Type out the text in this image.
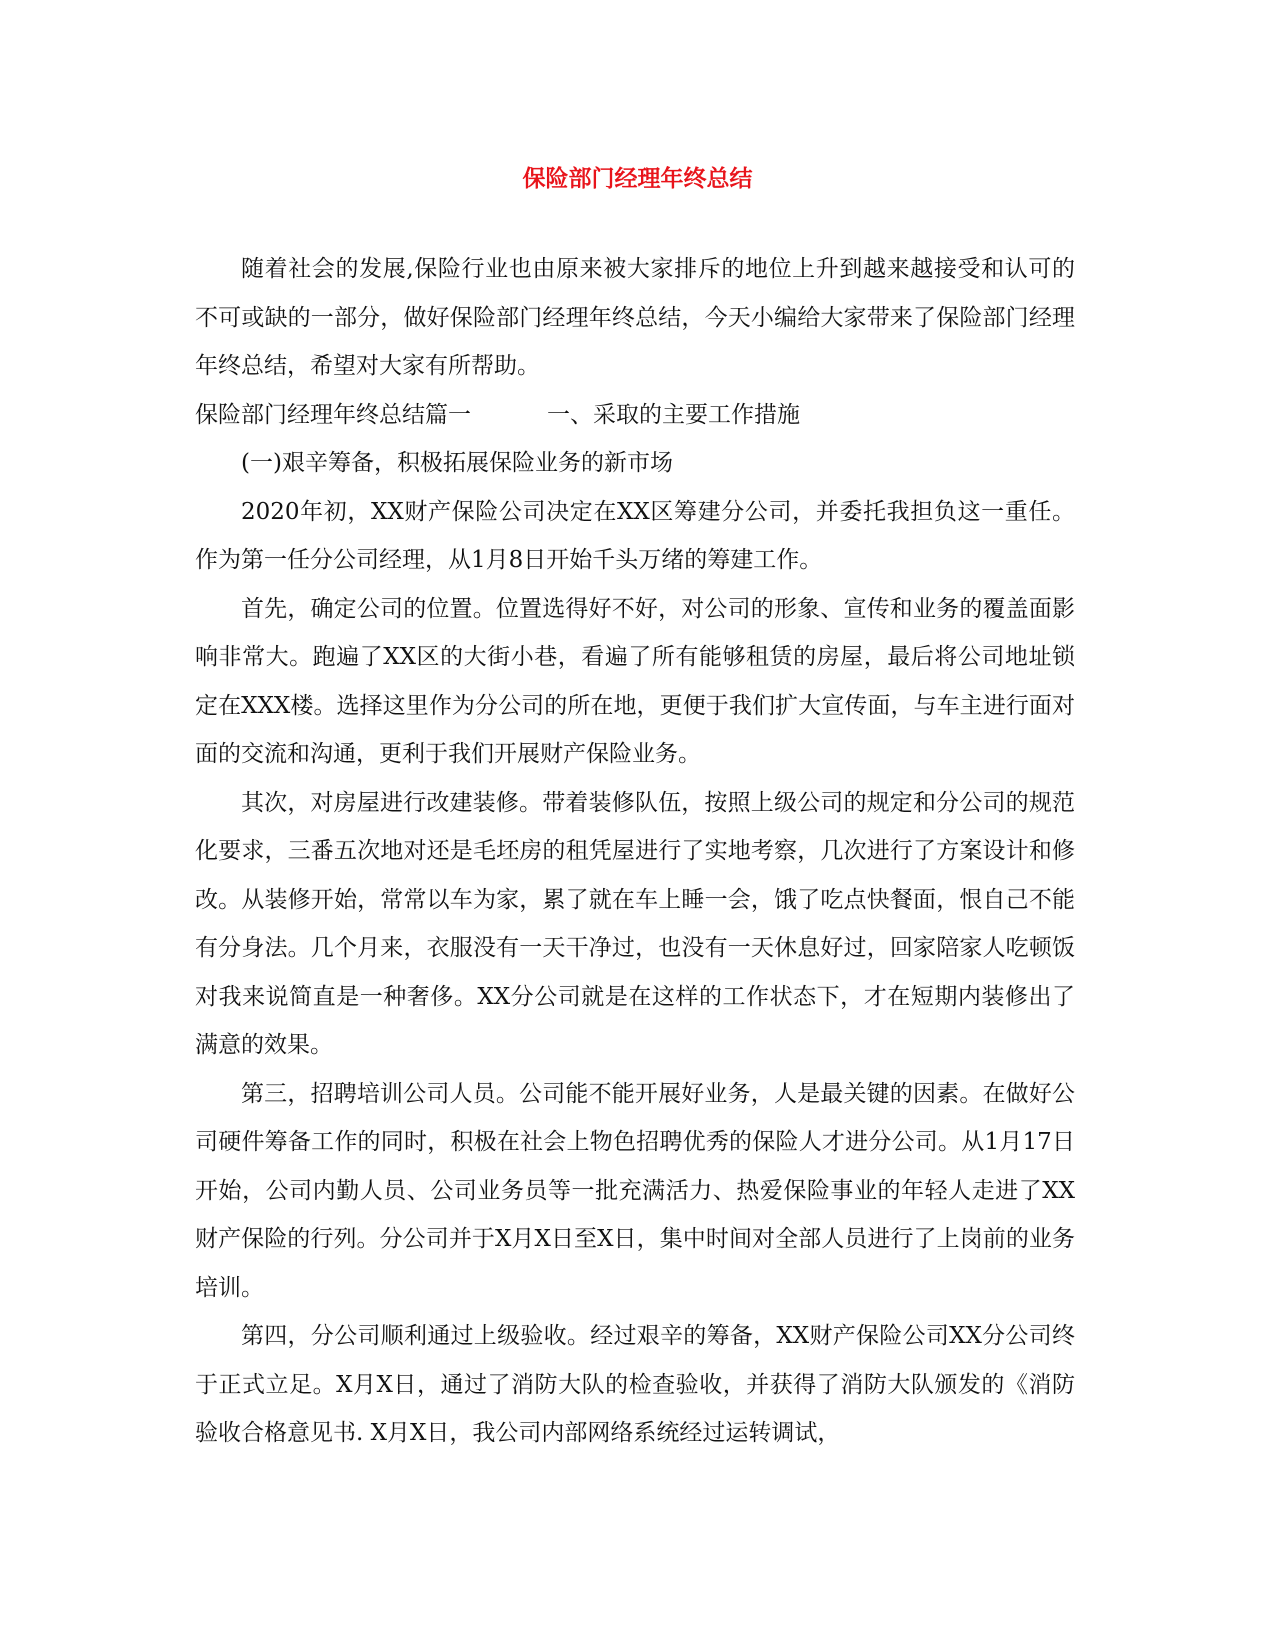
保险部门经理年终总结

随着社会的发展,保险行业也由原来被大家排斥的地位上升到越来越接受和认可的不可或缺的一部分，做好保险部门经理年终总结，今天小编给大家带来了保险部门经理年终总结，希望对大家有所帮助。

保险部门经理年终总结篇一	一、采取的主要工作措施

(一)艰辛筹备，积极拓展保险业务的新市场

2020年初，XX财产保险公司决定在XX区筹建分公司，并委托我担负这一重任。作为第一任分公司经理，从1月8日开始千头万绪的筹建工作。

首先，确定公司的位置。位置选得好不好，对公司的形象、宣传和业务的覆盖面影响非常大。跑遍了XX区的大街小巷，看遍了所有能够租赁的房屋，最后将公司地址锁定在XXX楼。选择这里作为分公司的所在地，更便于我们扩大宣传面，与车主进行面对面的交流和沟通，更利于我们开展财产保险业务。

其次，对房屋进行改建装修。带着装修队伍，按照上级公司的规定和分公司的规范化要求，三番五次地对还是毛坯房的租凭屋进行了实地考察，几次进行了方案设计和修改。从装修开始，常常以车为家，累了就在车上睡一会，饿了吃点快餐面，恨自己不能有分身法。几个月来，衣服没有一天干净过，也没有一天休息好过，回家陪家人吃顿饭对我来说简直是一种奢侈。XX分公司就是在这样的工作状态下，才在短期内装修出了满意的效果。

第三，招聘培训公司人员。公司能不能开展好业务，人是最关键的因素。在做好公司硬件筹备工作的同时，积极在社会上物色招聘优秀的保险人才进分公司。从1月17日开始，公司内勤人员、公司业务员等一批充满活力、热爱保险事业的年轻人走进了XX财产保险的行列。分公司并于X月X日至X日，集中时间对全部人员进行了上岗前的业务培训。

第四，分公司顺利通过上级验收。经过艰辛的筹备，XX财产保险公司XX分公司终于正式立足。X月X日，通过了消防大队的检查验收，并获得了消防大队颁发的《消防验收合格意见书. X月X日，我公司内部网络系统经过运转调试，
